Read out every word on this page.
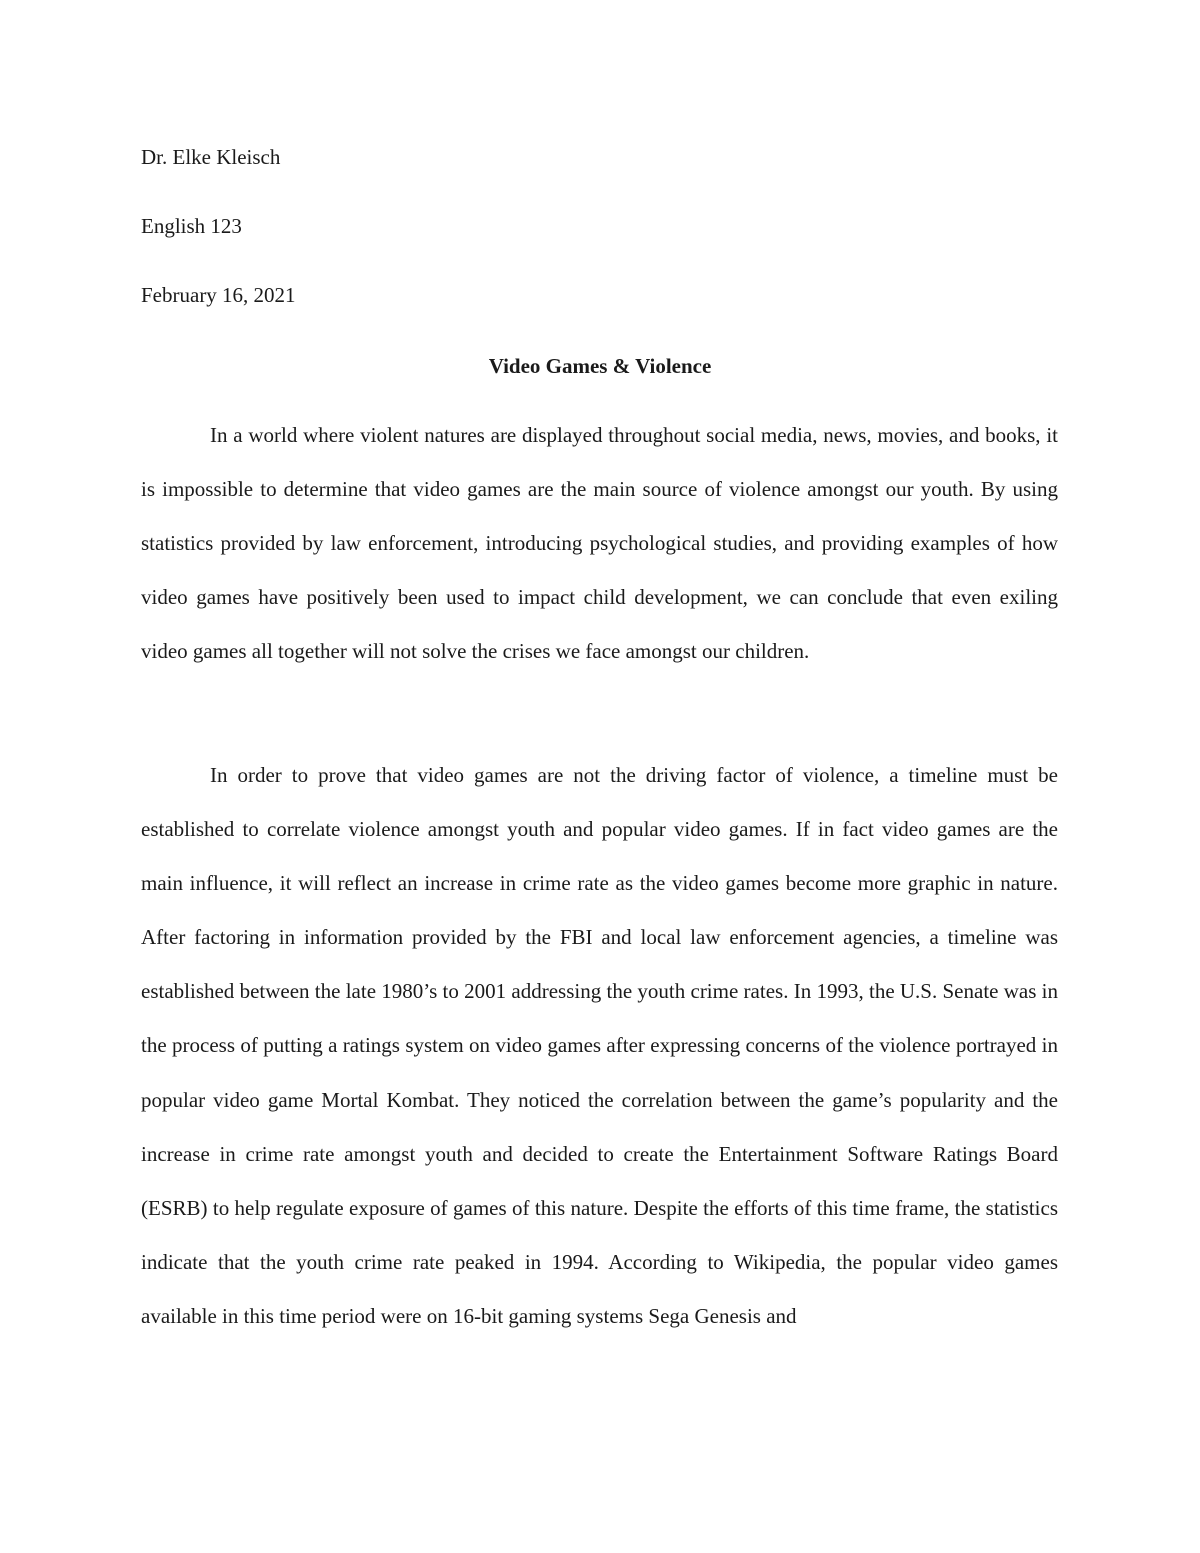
Dr. Elke Kleisch
English 123
February 16, 2021
Video Games & Violence

In a world where violent natures are displayed throughout social media, news, movies, and books, it is impossible to determine that video games are the main source of violence amongst our youth. By using statistics provided by law enforcement, introducing psychological studies, and providing examples of how video games have positively been used to impact child development, we can conclude that even exiling video games all together will not solve the crises we face amongst our children.

In order to prove that video games are not the driving factor of violence, a timeline must be established to correlate violence amongst youth and popular video games. If in fact video games are the main influence, it will reflect an increase in crime rate as the video games become more graphic in nature. After factoring in information provided by the FBI and local law enforcement agencies, a timeline was established between the late 1980’s to 2001 addressing the youth crime rates. In 1993, the U.S. Senate was in the process of putting a ratings system on video games after expressing concerns of the violence portrayed in popular video game Mortal Kombat. They noticed the correlation between the game’s popularity and the increase in crime rate amongst youth and decided to create the Entertainment Software Ratings Board (ESRB) to help regulate exposure of games of this nature. Despite the efforts of this time frame, the statistics indicate that the youth crime rate peaked in 1994. According to Wikipedia, the popular video games available in this time period were on 16-bit gaming systems Sega Genesis and
